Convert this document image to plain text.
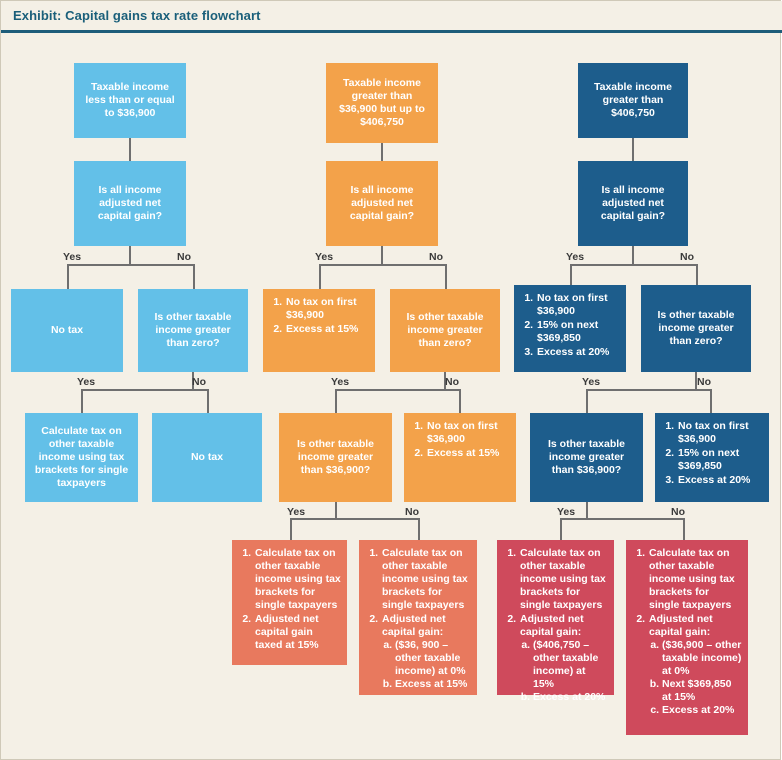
Exhibit: Capital gains tax rate flowchart
Taxable income less than or equal to $36,900
Is all income adjusted net capital gain?
Yes	No
No tax
Is other taxable income greater than zero?
Yes	No
Calculate tax on other taxable income using tax brackets for single taxpayers
No tax
Taxable income greater than $36,900 but up to $406,750
Is all income adjusted net capital gain?
Yes	No
1. No tax on first $36,900
2. Excess at 15%
Is other taxable income greater than zero?
Yes	No
Is other taxable income greater than $36,900?
1. No tax on first $36,900
2. Excess at 15%
Yes	No
1. Calculate tax on other taxable income using tax brackets for single taxpayers
2. Adjusted net capital gain taxed at 15%
1. Calculate tax on other taxable income using tax brackets for single taxpayers
2. Adjusted net capital gain:
a. ($36, 900 – other taxable income) at 0%
b. Excess at 15%
Taxable income greater than $406,750
Is all income adjusted net capital gain?
Yes	No
1. No tax on first $36,900
2. 15% on next $369,850
3. Excess at 20%
Is other taxable income greater than zero?
Yes	No
Is other taxable income greater than $36,900?
1. No tax on first $36,900
2. 15% on next $369,850
3. Excess at 20%
Yes	No
1. Calculate tax on other taxable income using tax brackets for single taxpayers
2. Adjusted net capital gain:
a. ($406,750 – other taxable income) at 15%
b. Excess at 20%
1. Calculate tax on other taxable income using tax brackets for single taxpayers
2. Adjusted net capital gain:
a. ($36,900 – other taxable income) at 0%
b. Next $369,850 at 15%
c. Excess at 20%
